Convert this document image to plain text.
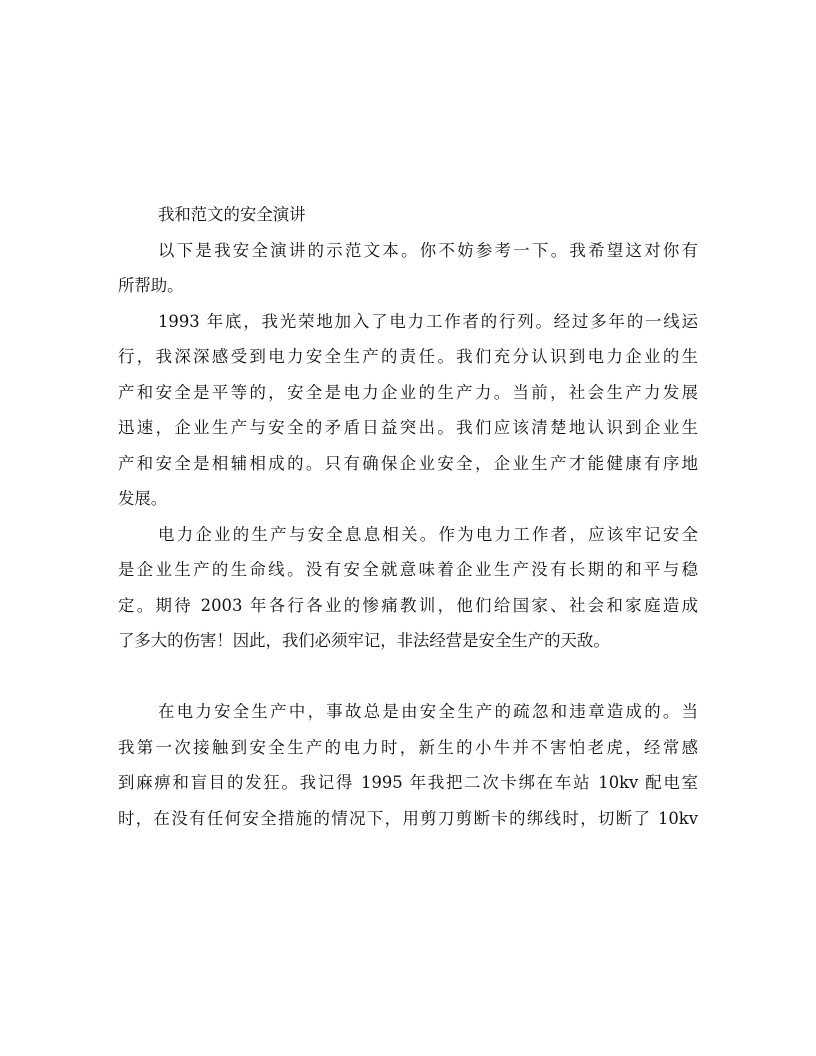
我和范文的安全演讲
以下是我安全演讲的示范文本。你不妨参考一下。我希望这对你有
所帮助。
1993 年底，我光荣地加入了电力工作者的行列。经过多年的一线运
行，我深深感受到电力安全生产的责任。我们充分认识到电力企业的生
产和安全是平等的，安全是电力企业的生产力。当前，社会生产力发展
迅速，企业生产与安全的矛盾日益突出。我们应该清楚地认识到企业生
产和安全是相辅相成的。只有确保企业安全，企业生产才能健康有序地
发展。
电力企业的生产与安全息息相关。作为电力工作者，应该牢记安全
是企业生产的生命线。没有安全就意味着企业生产没有长期的和平与稳
定。期待 2003 年各行各业的惨痛教训，他们给国家、社会和家庭造成
了多大的伤害！因此，我们必须牢记，非法经营是安全生产的天敌。
在电力安全生产中，事故总是由安全生产的疏忽和违章造成的。当
我第一次接触到安全生产的电力时，新生的小牛并不害怕老虎，经常感
到麻痹和盲目的发狂。我记得 1995 年我把二次卡绑在车站 10kv 配电室
时，在没有任何安全措施的情况下，用剪刀剪断卡的绑线时，切断了 10kv
